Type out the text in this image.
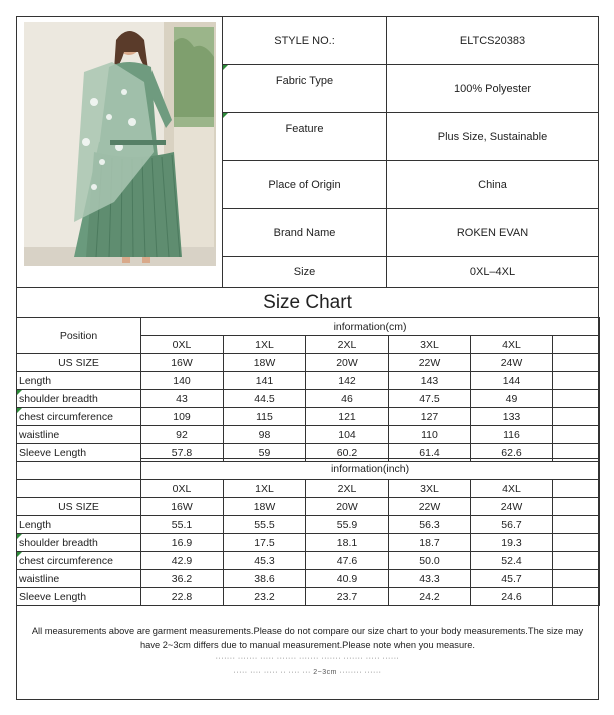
STYLE NO.:	ELTCS20383
Fabric Type	100% Polyester
Feature	Plus Size, Sustainable
Place of Origin	China
Brand Name	ROKEN EVAN
Size	0XL–4XL
Size Chart
Position	information(cm)					
	0XL	1XL	2XL	3XL	4XL	
US SIZE	16W	18W	20W	22W	24W	
Length	140	141	142	143	144	
shoulder breadth	43	44.5	46	47.5	49	
chest circumference	109	115	121	127	133	
waistline	92	98	104	110	116	
Sleeve Length	57.8	59	60.2	61.4	62.6	
	information(inch)					
	0XL	1XL	2XL	3XL	4XL	
US SIZE	16W	18W	20W	22W	24W	
Length	55.1	55.5	55.9	56.3	56.7	
shoulder breadth	16.9	17.5	18.1	18.7	19.3	
chest circumference	42.9	45.3	47.6	50.0	52.4	
waistline	36.2	38.6	40.9	43.3	45.7	
Sleeve Length	22.8	23.2	23.7	24.2	24.6	
All measurements above are garment measurements.Please do not compare our size chart to your body measurements.The size may
have 2~3cm differs due to manual measurement.Please note when you measure.
······· ······· ····· ······· ······· ······· ······· ····· ······
····· ···· ····· ·· ···· ··· 2~3cm ········ ······
